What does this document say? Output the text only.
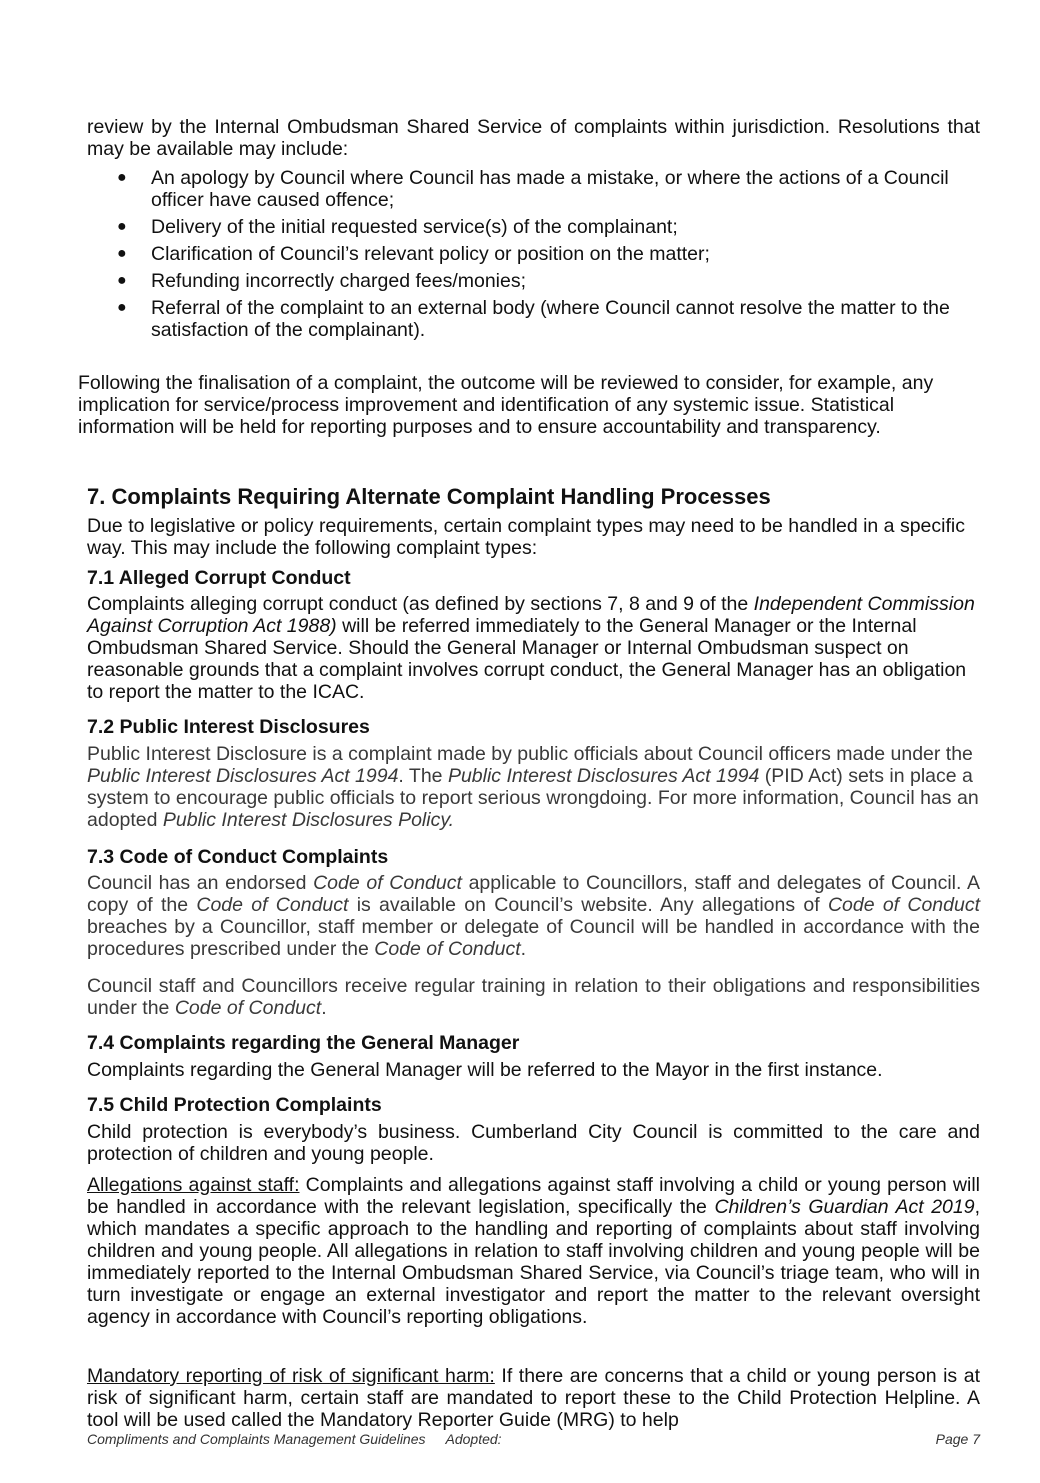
review by the Internal Ombudsman Shared Service of complaints within jurisdiction. Resolutions that may be available may include:

● An apology by Council where Council has made a mistake, or where the actions of a Council officer have caused offence;
● Delivery of the initial requested service(s) of the complainant;
● Clarification of Council’s relevant policy or position on the matter;
● Refunding incorrectly charged fees/monies;
● Referral of the complaint to an external body (where Council cannot resolve the matter to the satisfaction of the complainant).

Following the finalisation of a complaint, the outcome will be reviewed to consider, for example, any implication for service/process improvement and identification of any systemic issue. Statistical information will be held for reporting purposes and to ensure accountability and transparency.

7. Complaints Requiring Alternate Complaint Handling Processes

Due to legislative or policy requirements, certain complaint types may need to be handled in a specific way. This may include the following complaint types:

7.1 Alleged Corrupt Conduct

Complaints alleging corrupt conduct (as defined by sections 7, 8 and 9 of the Independent Commission Against Corruption Act 1988) will be referred immediately to the General Manager or the Internal Ombudsman Shared Service. Should the General Manager or Internal Ombudsman suspect on reasonable grounds that a complaint involves corrupt conduct, the General Manager has an obligation to report the matter to the ICAC.

7.2 Public Interest Disclosures

Public Interest Disclosure is a complaint made by public officials about Council officers made under the Public Interest Disclosures Act 1994. The Public Interest Disclosures Act 1994 (PID Act) sets in place a system to encourage public officials to report serious wrongdoing. For more information, Council has an adopted Public Interest Disclosures Policy.

7.3 Code of Conduct Complaints

Council has an endorsed Code of Conduct applicable to Councillors, staff and delegates of Council. A copy of the Code of Conduct is available on Council’s website. Any allegations of Code of Conduct breaches by a Councillor, staff member or delegate of Council will be handled in accordance with the procedures prescribed under the Code of Conduct.

Council staff and Councillors receive regular training in relation to their obligations and responsibilities under the Code of Conduct.

7.4 Complaints regarding the General Manager

Complaints regarding the General Manager will be referred to the Mayor in the first instance.

7.5 Child Protection Complaints

Child protection is everybody’s business. Cumberland City Council is committed to the care and protection of children and young people.

Allegations against staff: Complaints and allegations against staff involving a child or young person will be handled in accordance with the relevant legislation, specifically the Children’s Guardian Act 2019, which mandates a specific approach to the handling and reporting of complaints about staff involving children and young people. All allegations in relation to staff involving children and young people will be immediately reported to the Internal Ombudsman Shared Service, via Council’s triage team, who will in turn investigate or engage an external investigator and report the matter to the relevant oversight agency in accordance with Council’s reporting obligations.

Mandatory reporting of risk of significant harm: If there are concerns that a child or young person is at risk of significant harm, certain staff are mandated to report these to the Child Protection Helpline. A tool will be used called the Mandatory Reporter Guide (MRG) to help

Compliments and Complaints Management Guidelines Adopted:	Page 7
